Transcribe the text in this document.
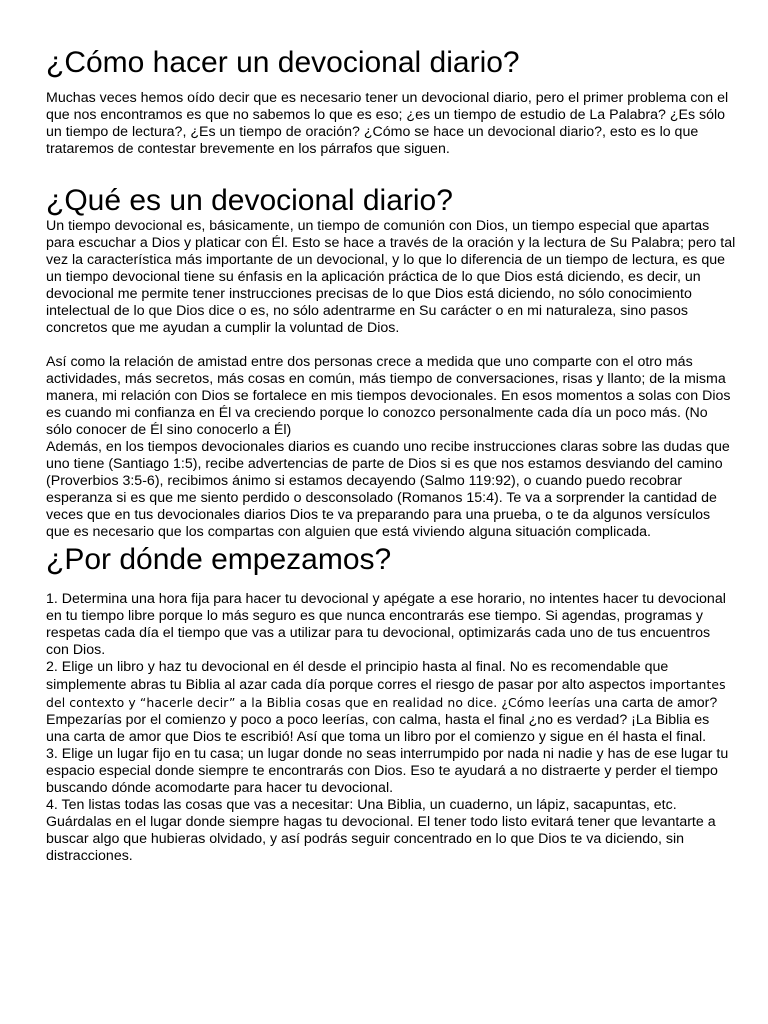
¿Cómo hacer un devocional diario?

Muchas veces hemos oído decir que es necesario tener un devocional diario, pero el primer problema con el que nos encontramos es que no sabemos lo que es eso; ¿es un tiempo de estudio de La Palabra? ¿Es sólo un tiempo de lectura?, ¿Es un tiempo de oración? ¿Cómo se hace un devocional diario?, esto es lo que trataremos de contestar brevemente en los párrafos que siguen.

¿Qué es un devocional diario?

Un tiempo devocional es, básicamente, un tiempo de comunión con Dios, un tiempo especial que apartas para escuchar a Dios y platicar con Él. Esto se hace a través de la oración y la lectura de Su Palabra; pero tal vez la característica más importante de un devocional, y lo que lo diferencia de un tiempo de lectura, es que un tiempo devocional tiene su énfasis en la aplicación práctica de lo que Dios está diciendo, es decir, un devocional me permite tener instrucciones precisas de lo que Dios está diciendo, no sólo conocimiento intelectual de lo que Dios dice o es, no sólo adentrarme en Su carácter o en mi naturaleza, sino pasos concretos que me ayudan a cumplir la voluntad de Dios.

Así como la relación de amistad entre dos personas crece a medida que uno comparte con el otro más actividades, más secretos, más cosas en común, más tiempo de conversaciones, risas y llanto; de la misma manera, mi relación con Dios se fortalece en mis tiempos devocionales. En esos momentos a solas con Dios es cuando mi confianza en Él va creciendo porque lo conozco personalmente cada día un poco más. (No sólo conocer de Él sino conocerlo a Él)

Además, en los tiempos devocionales diarios es cuando uno recibe instrucciones claras sobre las dudas que uno tiene (Santiago 1:5), recibe advertencias de parte de Dios si es que nos estamos desviando del camino (Proverbios 3:5-6), recibimos ánimo si estamos decayendo (Salmo 119:92), o cuando puedo recobrar esperanza si es que me siento perdido o desconsolado (Romanos 15:4). Te va a sorprender la cantidad de veces que en tus devocionales diarios Dios te va preparando para una prueba, o te da algunos versículos que es necesario que los compartas con alguien que está viviendo alguna situación complicada.

¿Por dónde empezamos?

1. Determina una hora fija para hacer tu devocional y apégate a ese horario, no intentes hacer tu devocional en tu tiempo libre porque lo más seguro es que nunca encontrarás ese tiempo. Si agendas, programas y respetas cada día el tiempo que vas a utilizar para tu devocional, optimizarás cada uno de tus encuentros con Dios.

2. Elige un libro y haz tu devocional en él desde el principio hasta al final. No es recomendable que simplemente abras tu Biblia al azar cada día porque corres el riesgo de pasar por alto aspectos importantes del contexto y “hacerle decir” a la Biblia cosas que en realidad no dice. ¿Cómo leerías una carta de amor? Empezarías por el comienzo y poco a poco leerías, con calma, hasta el final ¿no es verdad? ¡La Biblia es una carta de amor que Dios te escribió! Así que toma un libro por el comienzo y sigue en él hasta el final.

3. Elige un lugar fijo en tu casa; un lugar donde no seas interrumpido por nada ni nadie y has de ese lugar tu espacio especial donde siempre te encontrarás con Dios. Eso te ayudará a no distraerte y perder el tiempo buscando dónde acomodarte para hacer tu devocional.

4. Ten listas todas las cosas que vas a necesitar: Una Biblia, un cuaderno, un lápiz, sacapuntas, etc. Guárdalas en el lugar donde siempre hagas tu devocional. El tener todo listo evitará tener que levantarte a buscar algo que hubieras olvidado, y así podrás seguir concentrado en lo que Dios te va diciendo, sin distracciones.
